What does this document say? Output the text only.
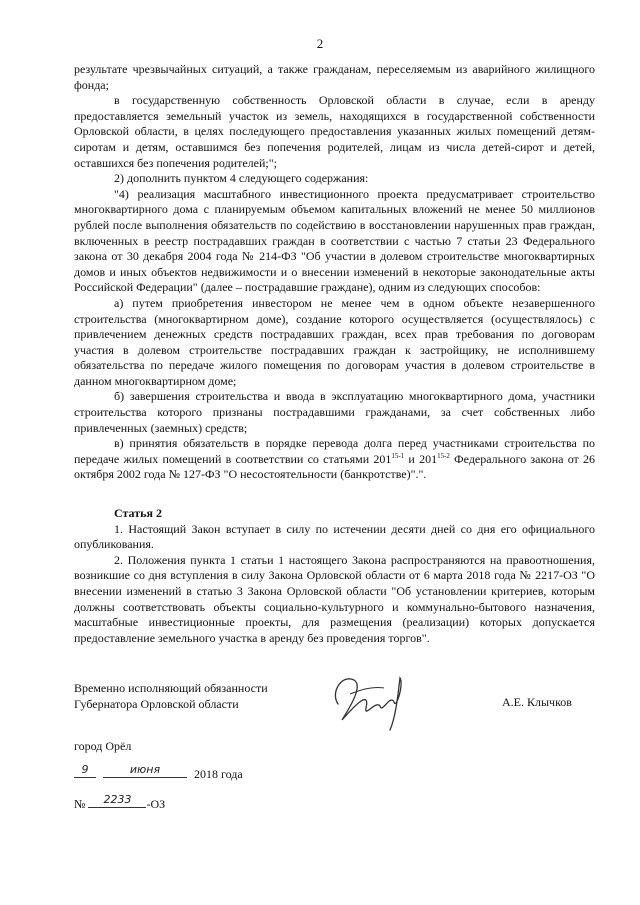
2

результате чрезвычайных ситуаций, а также гражданам, переселяемым из аварийного жилищного фонда;

в государственную собственность Орловской области в случае, если в аренду предоставляется земельный участок из земель, находящихся в государственной собственности Орловской области, в целях последующего предоставления указанных жилых помещений детям-сиротам и детям, оставшимся без попечения родителей, лицам из числа детей-сирот и детей, оставшихся без попечения родителей;";

2) дополнить пунктом 4 следующего содержания:

"4) реализация масштабного инвестиционного проекта предусматривает строительство многоквартирного дома с планируемым объемом капитальных вложений не менее 50 миллионов рублей после выполнения обязательств по содействию в восстановлении нарушенных прав граждан, включенных в реестр пострадавших граждан в соответствии с частью 7 статьи 23 Федерального закона от 30 декабря 2004 года № 214-ФЗ "Об участии в долевом строительстве многоквартирных домов и иных объектов недвижимости и о внесении изменений в некоторые законодательные акты Российской Федерации" (далее – пострадавшие граждане), одним из следующих способов:

а) путем приобретения инвестором не менее чем в одном объекте незавершенного строительства (многоквартирном доме), создание которого осуществляется (осуществлялось) с привлечением денежных средств пострадавших граждан, всех прав требования по договорам участия в долевом строительстве пострадавших граждан к застройщику, не исполнившему обязательства по передаче жилого помещения по договорам участия в долевом строительстве в данном многоквартирном доме;

б) завершения строительства и ввода в эксплуатацию многоквартирного дома, участники строительства которого признаны пострадавшими гражданами, за счет собственных либо привлеченных (заемных) средств;

в) принятия обязательств в порядке перевода долга перед участниками строительства по передаче жилых помещений в соответствии со статьями 201$^{15-1}$ и 201$^{15-2}$ Федерального закона от 26 октября 2002 года № 127-ФЗ "О несостоятельности (банкротстве)".".

Статья 2

1. Настоящий Закон вступает в силу по истечении десяти дней со дня его официального опубликования.

2. Положения пункта 1 статьи 1 настоящего Закона распространяются на правоотношения, возникшие со дня вступления в силу Закона Орловской области от 6 марта 2018 года № 2217-ОЗ "О внесении изменений в статью 3 Закона Орловской области "Об установлении критериев, которым должны соответствовать объекты социально-культурного и коммунально-бытового назначения, масштабные инвестиционные проекты, для размещения (реализации) которых допускается предоставление земельного участка в аренду без проведения торгов".

Временно исполняющий обязанности
Губернатора Орловской области	А.Е. Клычков
город Орёл
9
	июня	2018 года
№	2233	-ОЗ
